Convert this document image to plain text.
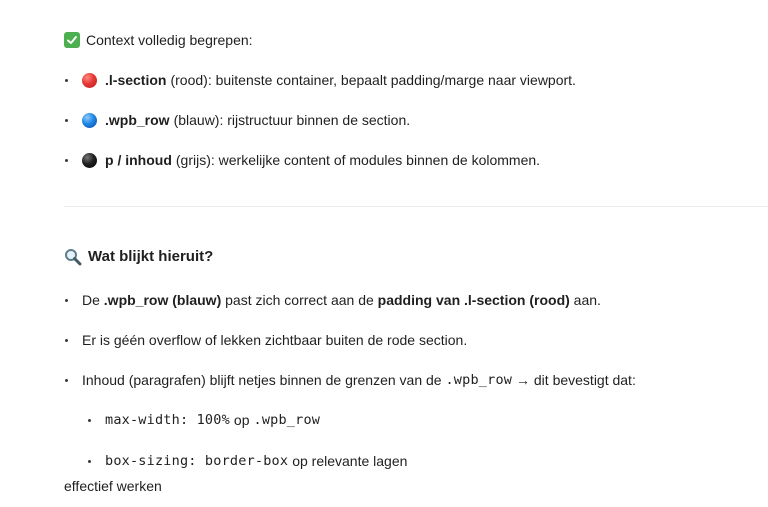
Context volledig begrepen:
.l-section (rood): buitenste container, bepaalt padding/marge naar viewport.
.wpb_row (blauw): rijstructuur binnen de section.
p / inhoud (grijs): werkelijke content of modules binnen de kolommen.
Wat blijkt hieruit?
De .wpb_row (blauw) past zich correct aan de padding van .l-section (rood) aan.
Er is géén overflow of lekken zichtbaar buiten de rode section.
Inhoud (paragrafen) blijft netjes binnen de grenzen van de .wpb_row → dit bevestigt dat:
max-width: 100% op .wpb_row
box-sizing: border-box op relevante lagen
effectief werken
